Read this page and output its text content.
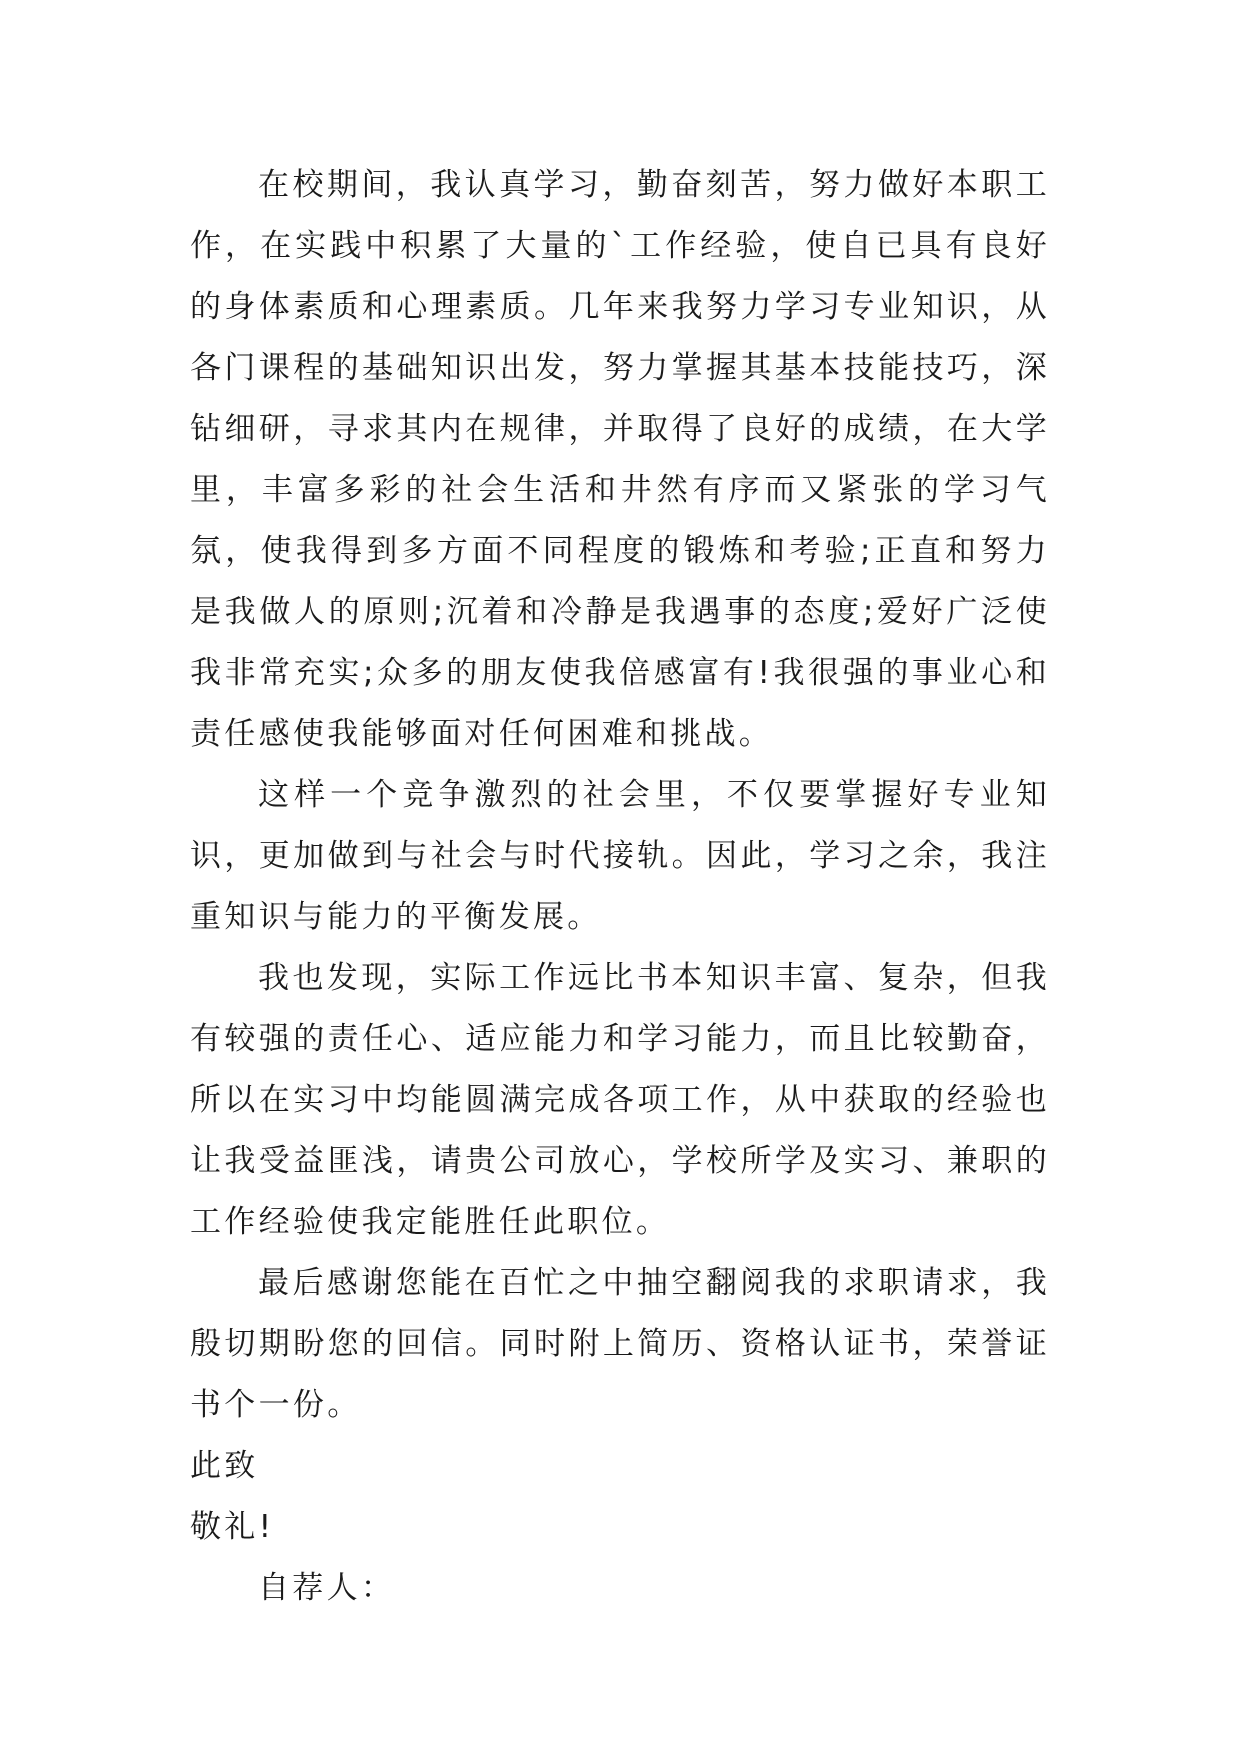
在校期间，我认真学习，勤奋刻苦，努力做好本职工作，在实践中积累了大量的`工作经验，使自已具有良好的身体素质和心理素质。几年来我努力学习专业知识，从各门课程的基础知识出发，努力掌握其基本技能技巧，深钻细研，寻求其内在规律，并取得了良好的成绩，在大学里，丰富多彩的社会生活和井然有序而又紧张的学习气氛，使我得到多方面不同程度的锻炼和考验;正直和努力是我做人的原则;沉着和冷静是我遇事的态度;爱好广泛使我非常充实;众多的朋友使我倍感富有!我很强的事业心和责任感使我能够面对任何困难和挑战。

这样一个竞争激烈的社会里，不仅要掌握好专业知识，更加做到与社会与时代接轨。因此，学习之余，我注重知识与能力的平衡发展。

我也发现，实际工作远比书本知识丰富、复杂，但我有较强的责任心、适应能力和学习能力，而且比较勤奋，所以在实习中均能圆满完成各项工作，从中获取的经验也让我受益匪浅，请贵公司放心，学校所学及实习、兼职的工作经验使我定能胜任此职位。

最后感谢您能在百忙之中抽空翻阅我的求职请求，我殷切期盼您的回信。同时附上简历、资格认证书，荣誉证书个一份。

此致

敬礼!

自荐人：
